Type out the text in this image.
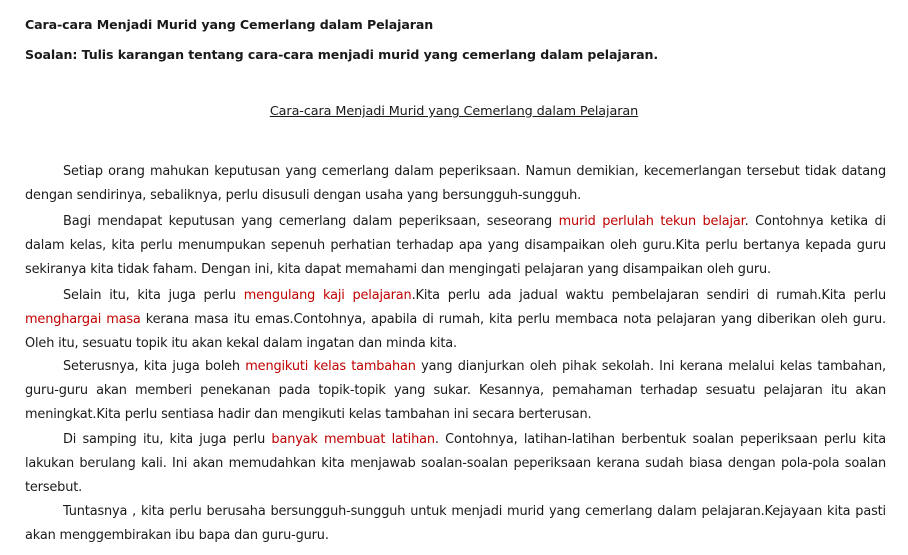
Cara-cara Menjadi Murid yang Cemerlang dalam Pelajaran
Soalan: Tulis karangan tentang cara-cara menjadi murid yang cemerlang dalam pelajaran.
Cara-cara Menjadi Murid yang Cemerlang dalam Pelajaran

Setiap orang mahukan keputusan yang cemerlang dalam peperiksaan. Namun demikian, kecemerlangan tersebut tidak datang dengan sendirinya, sebaliknya, perlu disusuli dengan usaha yang bersungguh-sungguh.

Bagi mendapat keputusan yang cemerlang dalam peperiksaan, seseorang murid perlulah tekun belajar. Contohnya ketika di dalam kelas, kita perlu menumpukan sepenuh perhatian terhadap apa yang disampaikan oleh guru.Kita perlu bertanya kepada guru sekiranya kita tidak faham. Dengan ini, kita dapat memahami dan mengingati pelajaran yang disampaikan oleh guru.

Selain itu, kita juga perlu mengulang kaji pelajaran.Kita perlu ada jadual waktu pembelajaran sendiri di rumah.Kita perlu menghargai masa kerana masa itu emas.Contohnya, apabila di rumah, kita perlu membaca nota pelajaran yang diberikan oleh guru. Oleh itu, sesuatu topik itu akan kekal dalam ingatan dan minda kita.

Seterusnya, kita juga boleh mengikuti kelas tambahan yang dianjurkan oleh pihak sekolah. Ini kerana melalui kelas tambahan, guru-guru akan memberi penekanan pada topik-topik yang sukar. Kesannya, pemahaman terhadap sesuatu pelajaran itu akan meningkat.Kita perlu sentiasa hadir dan mengikuti kelas tambahan ini secara berterusan.

Di samping itu, kita juga perlu banyak membuat latihan. Contohnya, latihan-latihan berbentuk soalan peperiksaan perlu kita lakukan berulang kali. Ini akan memudahkan kita menjawab soalan-soalan peperiksaan kerana sudah biasa dengan pola-pola soalan tersebut.

Tuntasnya , kita perlu berusaha bersungguh-sungguh untuk menjadi murid yang cemerlang dalam pelajaran.Kejayaan kita pasti akan menggembirakan ibu bapa dan guru-guru.
